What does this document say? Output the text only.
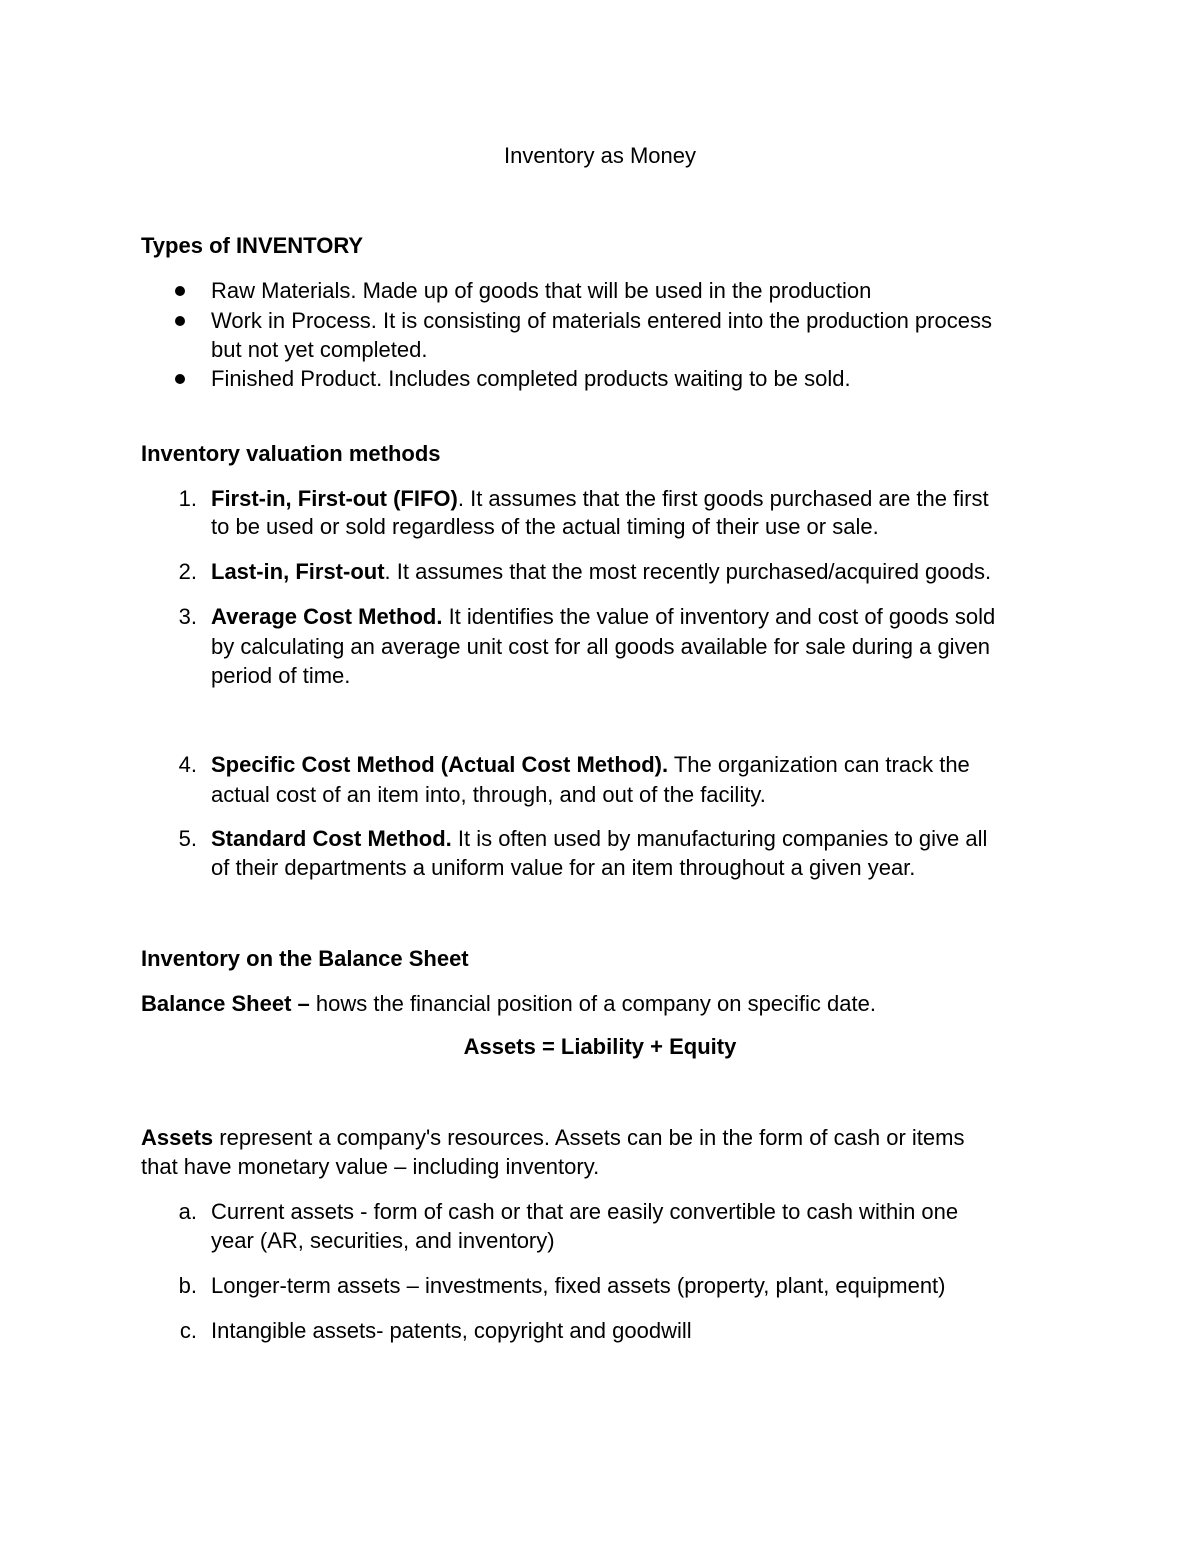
Inventory as Money

Types of INVENTORY

Raw Materials. Made up of goods that will be used in the production

Work in Process. It is consisting of materials entered into the production process

but not yet completed.

Finished Product. Includes completed products waiting to be sold.

Inventory valuation methods

1. First-in, First-out (FIFO). It assumes that the first goods purchased are the first

to be used or sold regardless of the actual timing of their use or sale.

2. Last-in, First-out. It assumes that the most recently purchased/acquired goods.

3. Average Cost Method. It identifies the value of inventory and cost of goods sold

by calculating an average unit cost for all goods available for sale during a given

period of time.

4. Specific Cost Method (Actual Cost Method). The organization can track the

actual cost of an item into, through, and out of the facility.

5. Standard Cost Method. It is often used by manufacturing companies to give all

of their departments a uniform value for an item throughout a given year.

Inventory on the Balance Sheet

Balance Sheet – hows the financial position of a company on specific date.

Assets = Liability + Equity

Assets represent a company's resources. Assets can be in the form of cash or items

that have monetary value – including inventory.

a. Current assets - form of cash or that are easily convertible to cash within one

year (AR, securities, and inventory)

b. Longer-term assets – investments, fixed assets (property, plant, equipment)

c. Intangible assets- patents, copyright and goodwill
